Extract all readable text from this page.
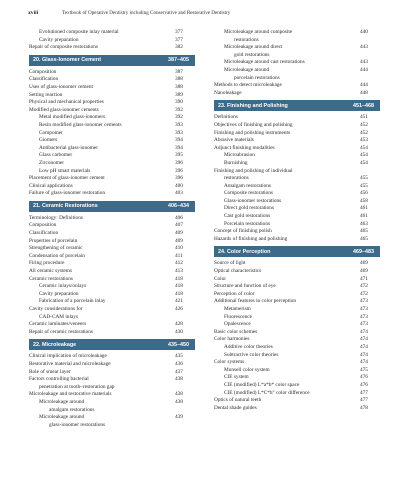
xviii	Textbook of Operative Dentistry including Conservative and Restorative Dentistry
Evolutioned composite inlay material	377
Cavity preparation	377
Repair of composite restorations	382
20. Glass-Ionomer Cement	387–405
Composition	387
Classification	388
Uses of glass-ionomer cement	388
Setting reaction	389
Physical and mechanical properties	390
Modified glass-ionomer cements	392
Metal modified glass-ionomers	392
Resin modified glass-ionomer cements	393
Compomer	393
Giomers	394
Antibacterial glass-ionomer	394
Glass carbomer	395
Zirconomer	396
Low pH smart materials	396
Placement of glass-ionomer cement	396
Clinical applications	400
Failure of glass-ionomer restoration	403
21. Ceramic Restorations	406–434
Terminology: Definitions	406
Composition	407
Classification	409
Properties of porcelain	409
Strengthening of ceramic	410
Condensation of porcelain	411
Firing procedure	412
All ceramic systems	413
Ceramic restorations	418
Ceramic inlays/onlays	418
Cavity preparation	418
Fabrication of a porcelain inlay	421
Cavity considerations for	426
CAD-CAM inlays
Ceramic laminates/veneers	428
Repair of ceramic restorations	430
22. Microleakage	435–450
Clinical implication of microleakage	435
Restorative material and microleakage	436
Role of smear layer	437
Factors controlling bacterial	438
penetration at tooth–restoration gap
Microleakage and restorative materials	438
Microleakage around	438
amalgam restorations
Microleakage around	439
glass-ionomer restorations
Microleakage around composite	440
restorations
Microleakage around direct	443
gold restorations
Microleakage around cast restorations	443
Microleakage around	444
porcelain restorations
Methods to detect microleakage	444
Nanoleakage	448
23. Finishing and Polishing	451–468
Definitions	451
Objectives of finishing and polishing	452
Finishing and polishing instruments	452
Abrasive materials	453
Adjunct finishing modalities	454
Microabrasion	454
Burnishing	454
Finishing and polishing of individual
restorations	455
Amalgam restorations	455
Composite restorations	456
Glass-ionomer restorations	458
Direct gold restorations	461
Cast gold restorations	461
Porcelain restorations	463
Concept of finishing polish	465
Hazards of finishing and polishing	465
24. Color Perception	469–483
Source of light	469
Optical characteristics	469
Color	471
Structure and function of eye	472
Perception of color	472
Additional features in color perception	473
Metamerism	473
Fluorescence	473
Opalescence	473
Basic color schemes	474
Color harmonies	474
Additive color theories	474
Subtractive color theories	474
Color systems	474
Munsell color system	475
CIE system	476
CIE (modified) L*a*b* color space	476
CIE (modified) L*C*h° color difference	477
Optics of natural teeth	477
Dental shade guides	478
